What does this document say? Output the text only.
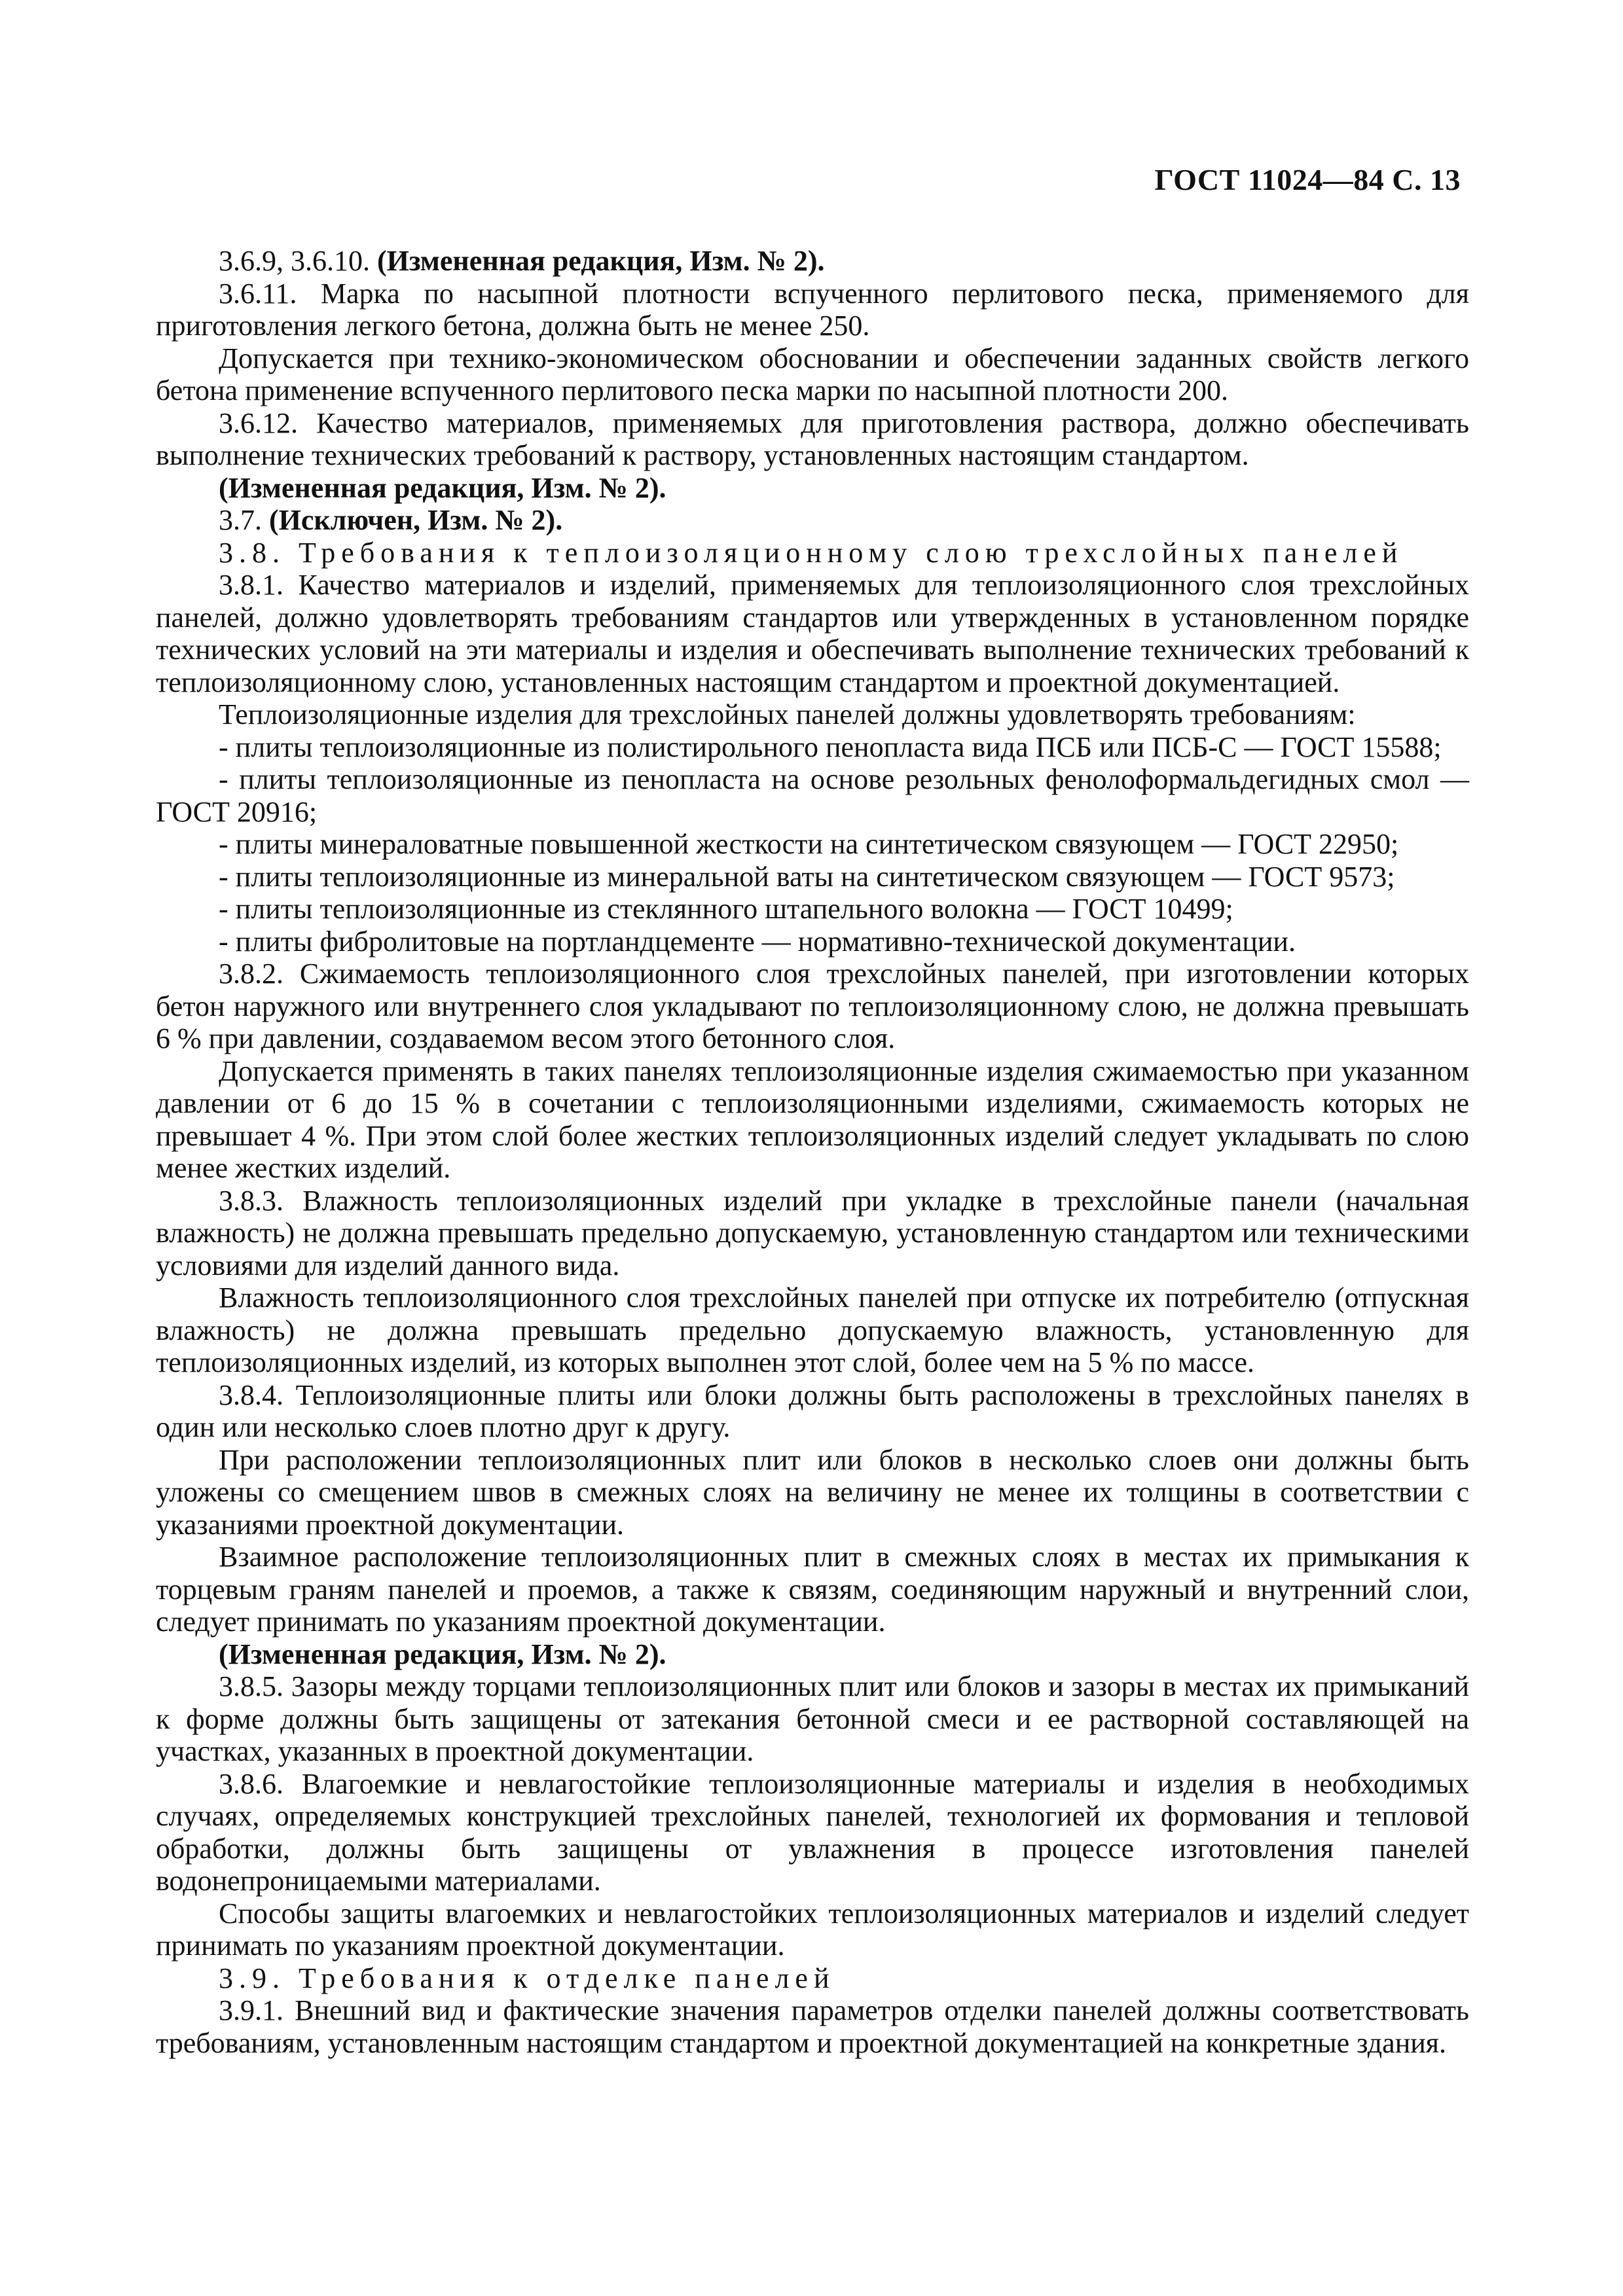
ГОСТ 11024—84 С. 13

3.6.9, 3.6.10. (Измененная редакция, Изм. № 2).

3.6.11. Марка по насыпной плотности вспученного перлитового песка, применяемого для приготовления легкого бетона, должна быть не менее 250.

Допускается при технико-экономическом обосновании и обеспечении заданных свойств легкого бетона применение вспученного перлитового песка марки по насыпной плотности 200.

3.6.12. Качество материалов, применяемых для приготовления раствора, должно обеспечивать выполнение технических требований к раствору, установленных настоящим стандартом.

(Измененная редакция, Изм. № 2).

3.7. (Исключен, Изм. № 2).

3.8. Требования к теплоизоляционному слою трехслойных панелей

3.8.1. Качество материалов и изделий, применяемых для теплоизоляционного слоя трехслойных панелей, должно удовлетворять требованиям стандартов или утвержденных в установленном порядке технических условий на эти материалы и изделия и обеспечивать выполнение технических требований к теплоизоляционному слою, установленных настоящим стандартом и проектной документацией.

Теплоизоляционные изделия для трехслойных панелей должны удовлетворять требованиям:

- плиты теплоизоляционные из полистирольного пенопласта вида ПСБ или ПСБ-С — ГОСТ 15588;

- плиты теплоизоляционные из пенопласта на основе резольных фенолоформальдегидных смол — ГОСТ 20916;

- плиты минераловатные повышенной жесткости на синтетическом связующем — ГОСТ 22950;

- плиты теплоизоляционные из минеральной ваты на синтетическом связующем — ГОСТ 9573;

- плиты теплоизоляционные из стеклянного штапельного волокна — ГОСТ 10499;

- плиты фибролитовые на портландцементе — нормативно-технической документации.

3.8.2. Сжимаемость теплоизоляционного слоя трехслойных панелей, при изготовлении которых бетон наружного или внутреннего слоя укладывают по теплоизоляционному слою, не должна превышать 6 % при давлении, создаваемом весом этого бетонного слоя.

Допускается применять в таких панелях теплоизоляционные изделия сжимаемостью при указанном давлении от 6 до 15 % в сочетании с теплоизоляционными изделиями, сжимаемость которых не превышает 4 %. При этом слой более жестких теплоизоляционных изделий следует укладывать по слою менее жестких изделий.

3.8.3. Влажность теплоизоляционных изделий при укладке в трехслойные панели (начальная влажность) не должна превышать предельно допускаемую, установленную стандартом или техническими условиями для изделий данного вида.

Влажность теплоизоляционного слоя трехслойных панелей при отпуске их потребителю (отпускная влажность) не должна превышать предельно допускаемую влажность, установленную для теплоизоляционных изделий, из которых выполнен этот слой, более чем на 5 % по массе.

3.8.4. Теплоизоляционные плиты или блоки должны быть расположены в трехслойных панелях в один или несколько слоев плотно друг к другу.

При расположении теплоизоляционных плит или блоков в несколько слоев они должны быть уложены со смещением швов в смежных слоях на величину не менее их толщины в соответствии с указаниями проектной документации.

Взаимное расположение теплоизоляционных плит в смежных слоях в местах их примыкания к торцевым граням панелей и проемов, а также к связям, соединяющим наружный и внутренний слои, следует принимать по указаниям проектной документации.

(Измененная редакция, Изм. № 2).

3.8.5. Зазоры между торцами теплоизоляционных плит или блоков и зазоры в местах их примыканий к форме должны быть защищены от затекания бетонной смеси и ее растворной составляющей на участках, указанных в проектной документации.

3.8.6. Влагоемкие и невлагостойкие теплоизоляционные материалы и изделия в необходимых случаях, определяемых конструкцией трехслойных панелей, технологией их формования и тепловой обработки, должны быть защищены от увлажнения в процессе изготовления панелей водонепроницаемыми материалами.

Способы защиты влагоемких и невлагостойких теплоизоляционных материалов и изделий следует принимать по указаниям проектной документации.

3.9. Требования к отделке панелей

3.9.1. Внешний вид и фактические значения параметров отделки панелей должны соответствовать требованиям, установленным настоящим стандартом и проектной документацией на конкретные здания.
